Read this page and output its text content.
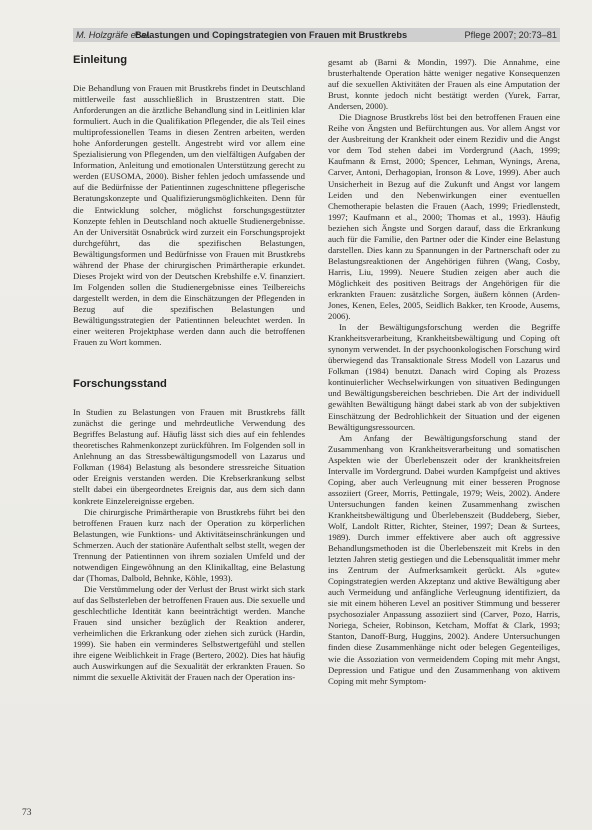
M. Holzgräfe et al.
Belastungen und Copingstrategien von Frauen mit Brustkrebs	Pflege 2007; 20:73–81
Einleitung

Die Behandlung von Frauen mit Brustkrebs findet in Deutschland mittlerweile fast ausschließlich in Brustzentren statt. Die Anforderungen an die ärztliche Behandlung sind in Leitlinien klar formuliert. Auch in die Qualifikation Pflegender, die als Teil eines multiprofessionellen Teams in diesen Zentren arbeiten, werden hohe Anforderungen gestellt. Angestrebt wird vor allem eine Spezialisierung von Pflegenden, um den vielfältigen Aufgaben der Information, Anleitung und emotionalen Unterstützung gerecht zu werden (EUSOMA, 2000). Bisher fehlen jedoch umfassende und auf die Bedürfnisse der Patientinnen zugeschnittene pflegerische Beratungskonzepte und Qualifizierungsmöglichkeiten. Denn für die Entwicklung solcher, möglichst forschungsgestützter Konzepte fehlen in Deutschland noch aktuelle Studienergebnisse. An der Universität Osnabrück wird zurzeit ein Forschungsprojekt durchgeführt, das die spezifischen Belastungen, Bewältigungsformen und Bedürfnisse von Frauen mit Brustkrebs während der Phase der chirurgischen Primärtherapie erkundet. Dieses Projekt wird von der Deutschen Krebshilfe e.V. finanziert. Im Folgenden sollen die Studienergebnisse eines Teilbereichs dargestellt werden, in dem die Einschätzungen der Pflegenden in Bezug auf die spezifischen Belastungen und Bewältigungsstrategien der Patientinnen beleuchtet werden. In einer weiteren Projektphase werden dann auch die betroffenen Frauen zu Wort kommen.

Forschungsstand

In Studien zu Belastungen von Frauen mit Brustkrebs fällt zunächst die geringe und mehrdeutliche Verwendung des Begriffes Belastung auf. Häufig lässt sich dies auf ein fehlendes theoretisches Rahmenkonzept zurückführen. Im Folgenden soll in Anlehnung an das Stressbewältigungsmodell von Lazarus und Folkman (1984) Belastung als besondere stressreiche Situation oder Ereignis verstanden werden. Die Krebserkrankung selbst stellt dabei ein übergeordnetes Ereignis dar, aus dem sich dann konkrete Einzelereignisse ergeben.

Die chirurgische Primärtherapie von Brustkrebs führt bei den betroffenen Frauen kurz nach der Operation zu körperlichen Belastungen, wie Funktions- und Aktivitätseinschränkungen und Schmerzen. Auch der stationäre Aufenthalt selbst stellt, wegen der Trennung der Patientinnen von ihrem sozialen Umfeld und der notwendigen Eingewöhnung an den Klinikalltag, eine Belastung dar (Thomas, Dalbold, Behnke, Köhle, 1993).

Die Verstümmelung oder der Verlust der Brust wirkt sich stark auf das Selbsterleben der betroffenen Frauen aus. Die sexuelle und geschlechtliche Identität kann beeinträchtigt werden. Manche Frauen sind unsicher bezüglich der Reaktion anderer, verheimlichen die Erkrankung oder ziehen sich zurück (Hardin, 1999). Sie haben ein verminderes Selbstwertgefühl und stellen ihre eigene Weiblichkeit in Frage (Bertero, 2002). Dies hat häufig auch Auswirkungen auf die Sexualität der erkrankten Frauen. So nimmt die sexuelle Aktivität der Frauen nach der Operation ins-

gesamt ab (Barni & Mondin, 1997). Die Annahme, eine brusterhaltende Operation hätte weniger negative Konsequenzen auf die sexuellen Aktivitäten der Frauen als eine Amputation der Brust, konnte jedoch nicht bestätigt werden (Yurek, Farrar, Andersen, 2000).

Die Diagnose Brustkrebs löst bei den betroffenen Frauen eine Reihe von Ängsten und Befürchtungen aus. Vor allem Angst vor der Ausbreitung der Krankheit oder einem Rezidiv und die Angst vor dem Tod stehen dabei im Vordergrund (Aach, 1999; Kaufmann & Ernst, 2000; Spencer, Lehman, Wynings, Arena, Carver, Antoni, Derhagopian, Ironson & Love, 1999). Aber auch Unsicherheit in Bezug auf die Zukunft und Angst vor langem Leiden und den Nebenwirkungen einer eventuellen Chemotherapie belasten die Frauen (Aach, 1999; Friedlenstedt, 1997; Kaufmann et al., 2000; Thomas et al., 1993). Häufig beziehen sich Ängste und Sorgen darauf, dass die Erkrankung auch für die Familie, den Partner oder die Kinder eine Belastung darstellen. Dies kann zu Spannungen in der Partnerschaft oder zu Belastungsreaktionen der Angehörigen führen (Wang, Cosby, Harris, Liu, 1999). Neuere Studien zeigen aber auch die Möglichkeit des positiven Beitrags der Angehörigen für die erkrankten Frauen: zusätzliche Sorgen, äußern können (Arden-Jones, Kenen, Eeles, 2005, Seidlich Bakker, ten Kroode, Ausems, 2006).

In der Bewältigungsforschung werden die Begriffe Krankheitsverarbeitung, Krankheitsbewältigung und Coping oft synonym verwendet. In der psychoonkologischen Forschung wird überwiegend das Transaktionale Stress Modell von Lazarus und Folkman (1984) benutzt. Danach wird Coping als Prozess kontinuierlicher Wechselwirkungen von situativen Bedingungen und Bewältigungsbereichen beschrieben. Die Art der individuell gewählten Bewältigung hängt dabei stark ab von der subjektiven Einschätzung der Bedrohlichkeit der Situation und der eigenen Bewältigungsressourcen.

Am Anfang der Bewältigungsforschung stand der Zusammenhang von Krankheitsverarbeitung und somatischen Aspekten wie der Überlebenszeit oder der krankheitsfreien Intervalle im Vordergrund. Dabei wurden Kampfgeist und aktives Coping, aber auch Verleugnung mit einer besseren Prognose assoziiert (Greer, Morris, Pettingale, 1979; Weis, 2002). Andere Untersuchungen fanden keinen Zusammenhang zwischen Krankheitsbewältigung und Überlebenszeit (Buddeberg, Sieber, Wolf, Landolt Ritter, Richter, Steiner, 1997; Dean & Surtees, 1989). Durch immer effektivere aber auch oft aggressive Behandlungsmethoden ist die Überlebenszeit mit Krebs in den letzten Jahren stetig gestiegen und die Lebensqualität immer mehr ins Zentrum der Aufmerksamkeit gerückt. Als »gute« Copingstrategien werden Akzeptanz und aktive Bewältigung aber auch Vermeidung und anfängliche Verleugnung identifiziert, da sie mit einem höheren Level an positiver Stimmung und besserer psychosozialer Anpassung assoziiert sind (Carver, Pozo, Harris, Noriega, Scheier, Robinson, Ketcham, Moffat & Clark, 1993; Stanton, Danoff-Burg, Huggins, 2002). Andere Untersuchungen finden diese Zusammenhänge nicht oder belegen Gegenteiliges, wie die Assoziation von vermeidendem Coping mit mehr Angst, Depression und Fatigue und den Zusammenhang von aktivem Coping mit mehr Symptom-

73
